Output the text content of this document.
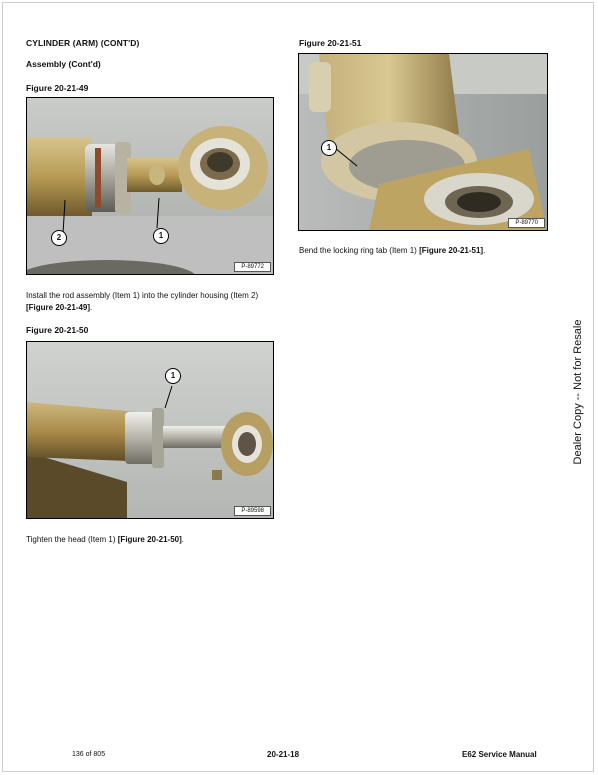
CYLINDER (ARM) (CONT'D)
Assembly (Cont'd)
Figure 20-21-49
2	1
P-89772
Install the rod assembly (Item 1) into the cylinder housing (Item 2) [Figure 20-21-49].
Figure 20-21-50
1
P-89598
Tighten the head (Item 1) [Figure 20-21-50].
Figure 20-21-51
1
P-89770
Bend the locking ring tab (Item 1) [Figure 20-21-51].
Dealer Copy -- Not for Resale
136 of 805	20-21-18	E62 Service Manual
